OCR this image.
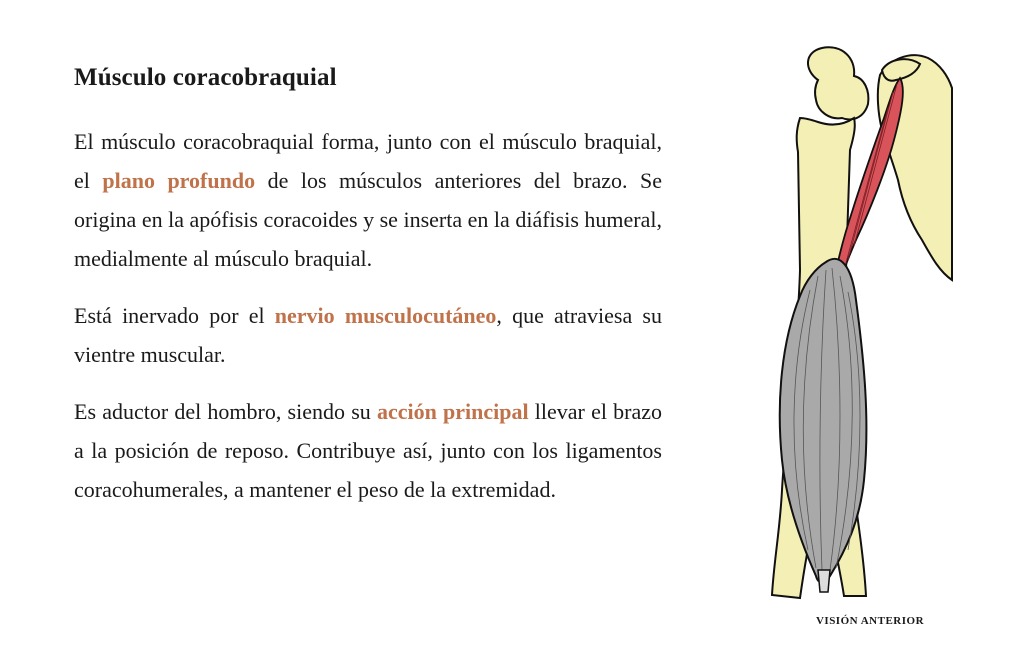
Músculo coracobraquial

El músculo coracobraquial forma, junto con el músculo braquial, el plano profundo de los músculos anteriores del brazo. Se origina en la apófisis coracoides y se inserta en la diáfisis humeral, medialmente al músculo braquial.

Está inervado por el nervio musculocutáneo, que atraviesa su vientre muscular.

Es aductor del hombro, siendo su acción principal llevar el brazo a la posición de reposo. Contribuye así, junto con los ligamentos coracohumerales, a mantener el peso de la extremidad.

VISIÓN ANTERIOR
